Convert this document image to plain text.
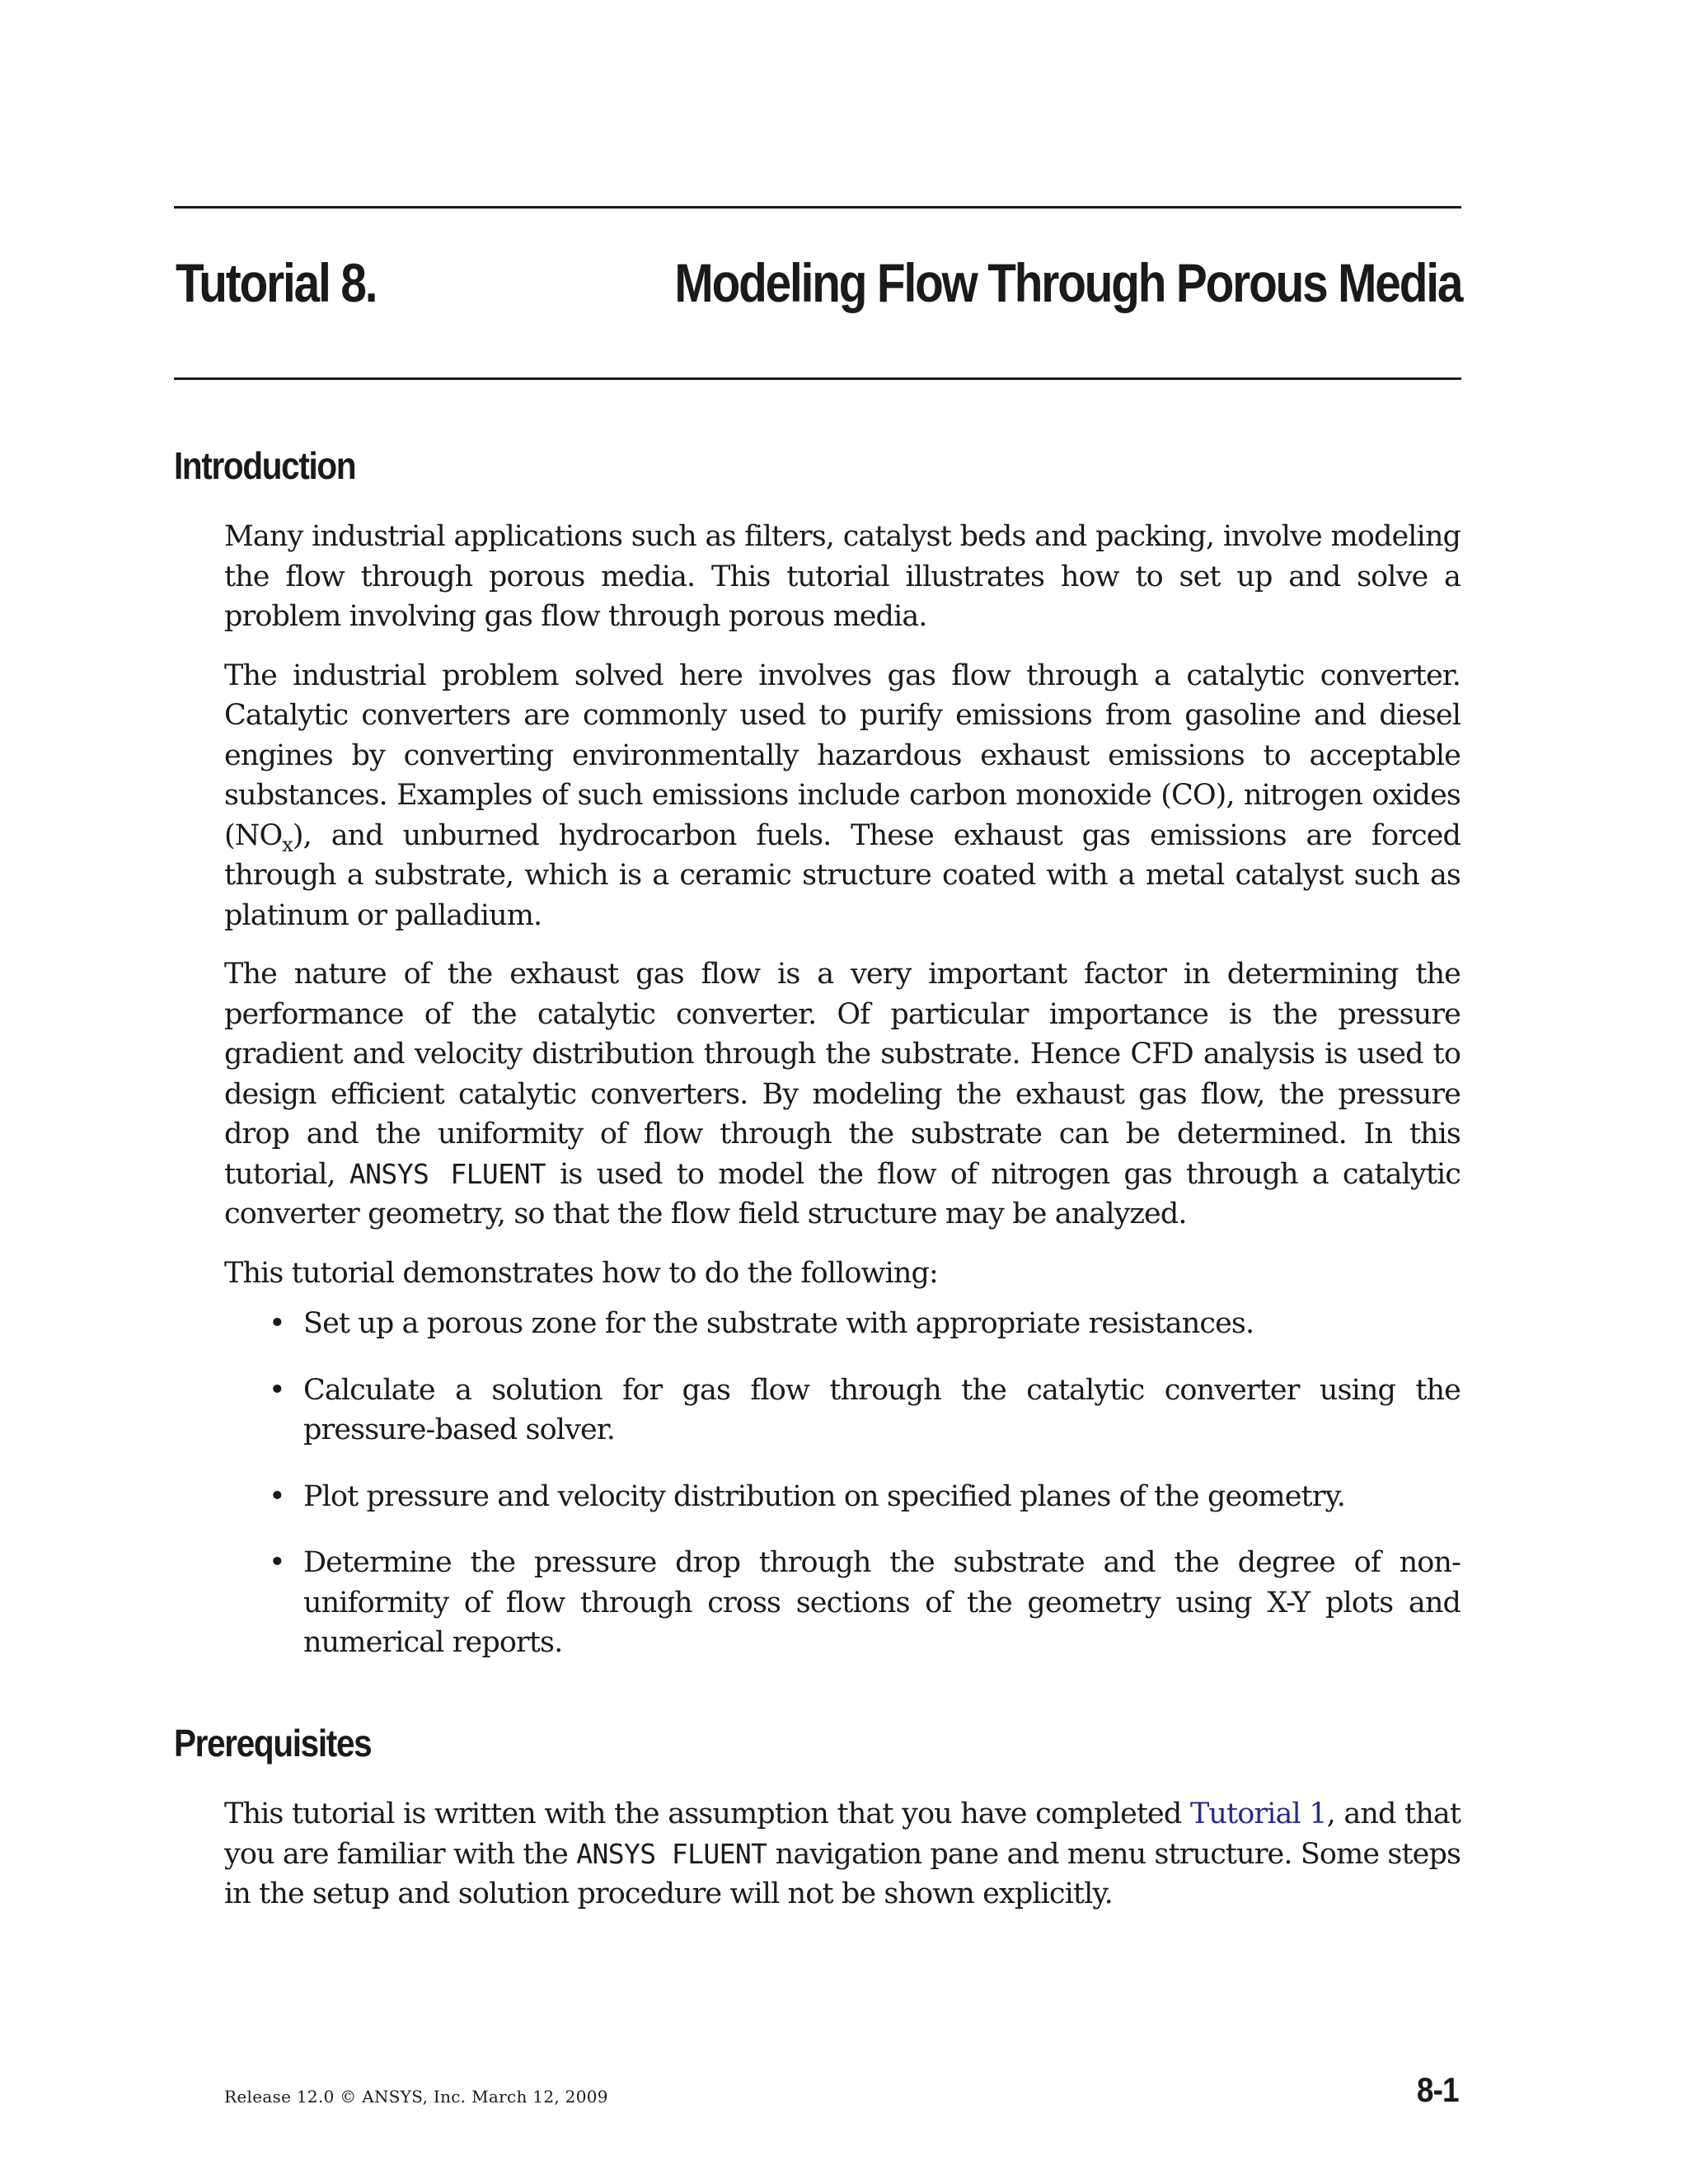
Tutorial 8.	Modeling Flow Through Porous Media
Introduction

Many industrial applications such as filters, catalyst beds and packing, involve modeling the flow through porous media. This tutorial illustrates how to set up and solve a problem involving gas flow through porous media.

The industrial problem solved here involves gas flow through a catalytic converter. Catalytic converters are commonly used to purify emissions from gasoline and diesel engines by converting environmentally hazardous exhaust emissions to acceptable substances. Examples of such emissions include carbon monoxide (CO), nitrogen oxides $(NO_x)$, and unburned hydrocarbon fuels. These exhaust gas emissions are forced through a substrate, which is a ceramic structure coated with a metal catalyst such as platinum or palladium.

The nature of the exhaust gas flow is a very important factor in determining the performance of the catalytic converter. Of particular importance is the pressure gradient and velocity distribution through the substrate. Hence CFD analysis is used to design efficient catalytic converters. By modeling the exhaust gas flow, the pressure drop and the uniformity of flow through the substrate can be determined. In this tutorial, ANSYS FLUENT is used to model the flow of nitrogen gas through a catalytic converter geometry, so that the flow field structure may be analyzed.

This tutorial demonstrates how to do the following:

• Set up a porous zone for the substrate with appropriate resistances.
• Calculate a solution for gas flow through the catalytic converter using the pressure-based solver.
• Plot pressure and velocity distribution on specified planes of the geometry.
• Determine the pressure drop through the substrate and the degree of non-uniformity of flow through cross sections of the geometry using X-Y plots and numerical reports.
Prerequisites

This tutorial is written with the assumption that you have completed Tutorial 1, and that you are familiar with the ANSYS FLUENT navigation pane and menu structure. Some steps in the setup and solution procedure will not be shown explicitly.

Release 12.0 © ANSYS, Inc. March 12, 2009	8-1
